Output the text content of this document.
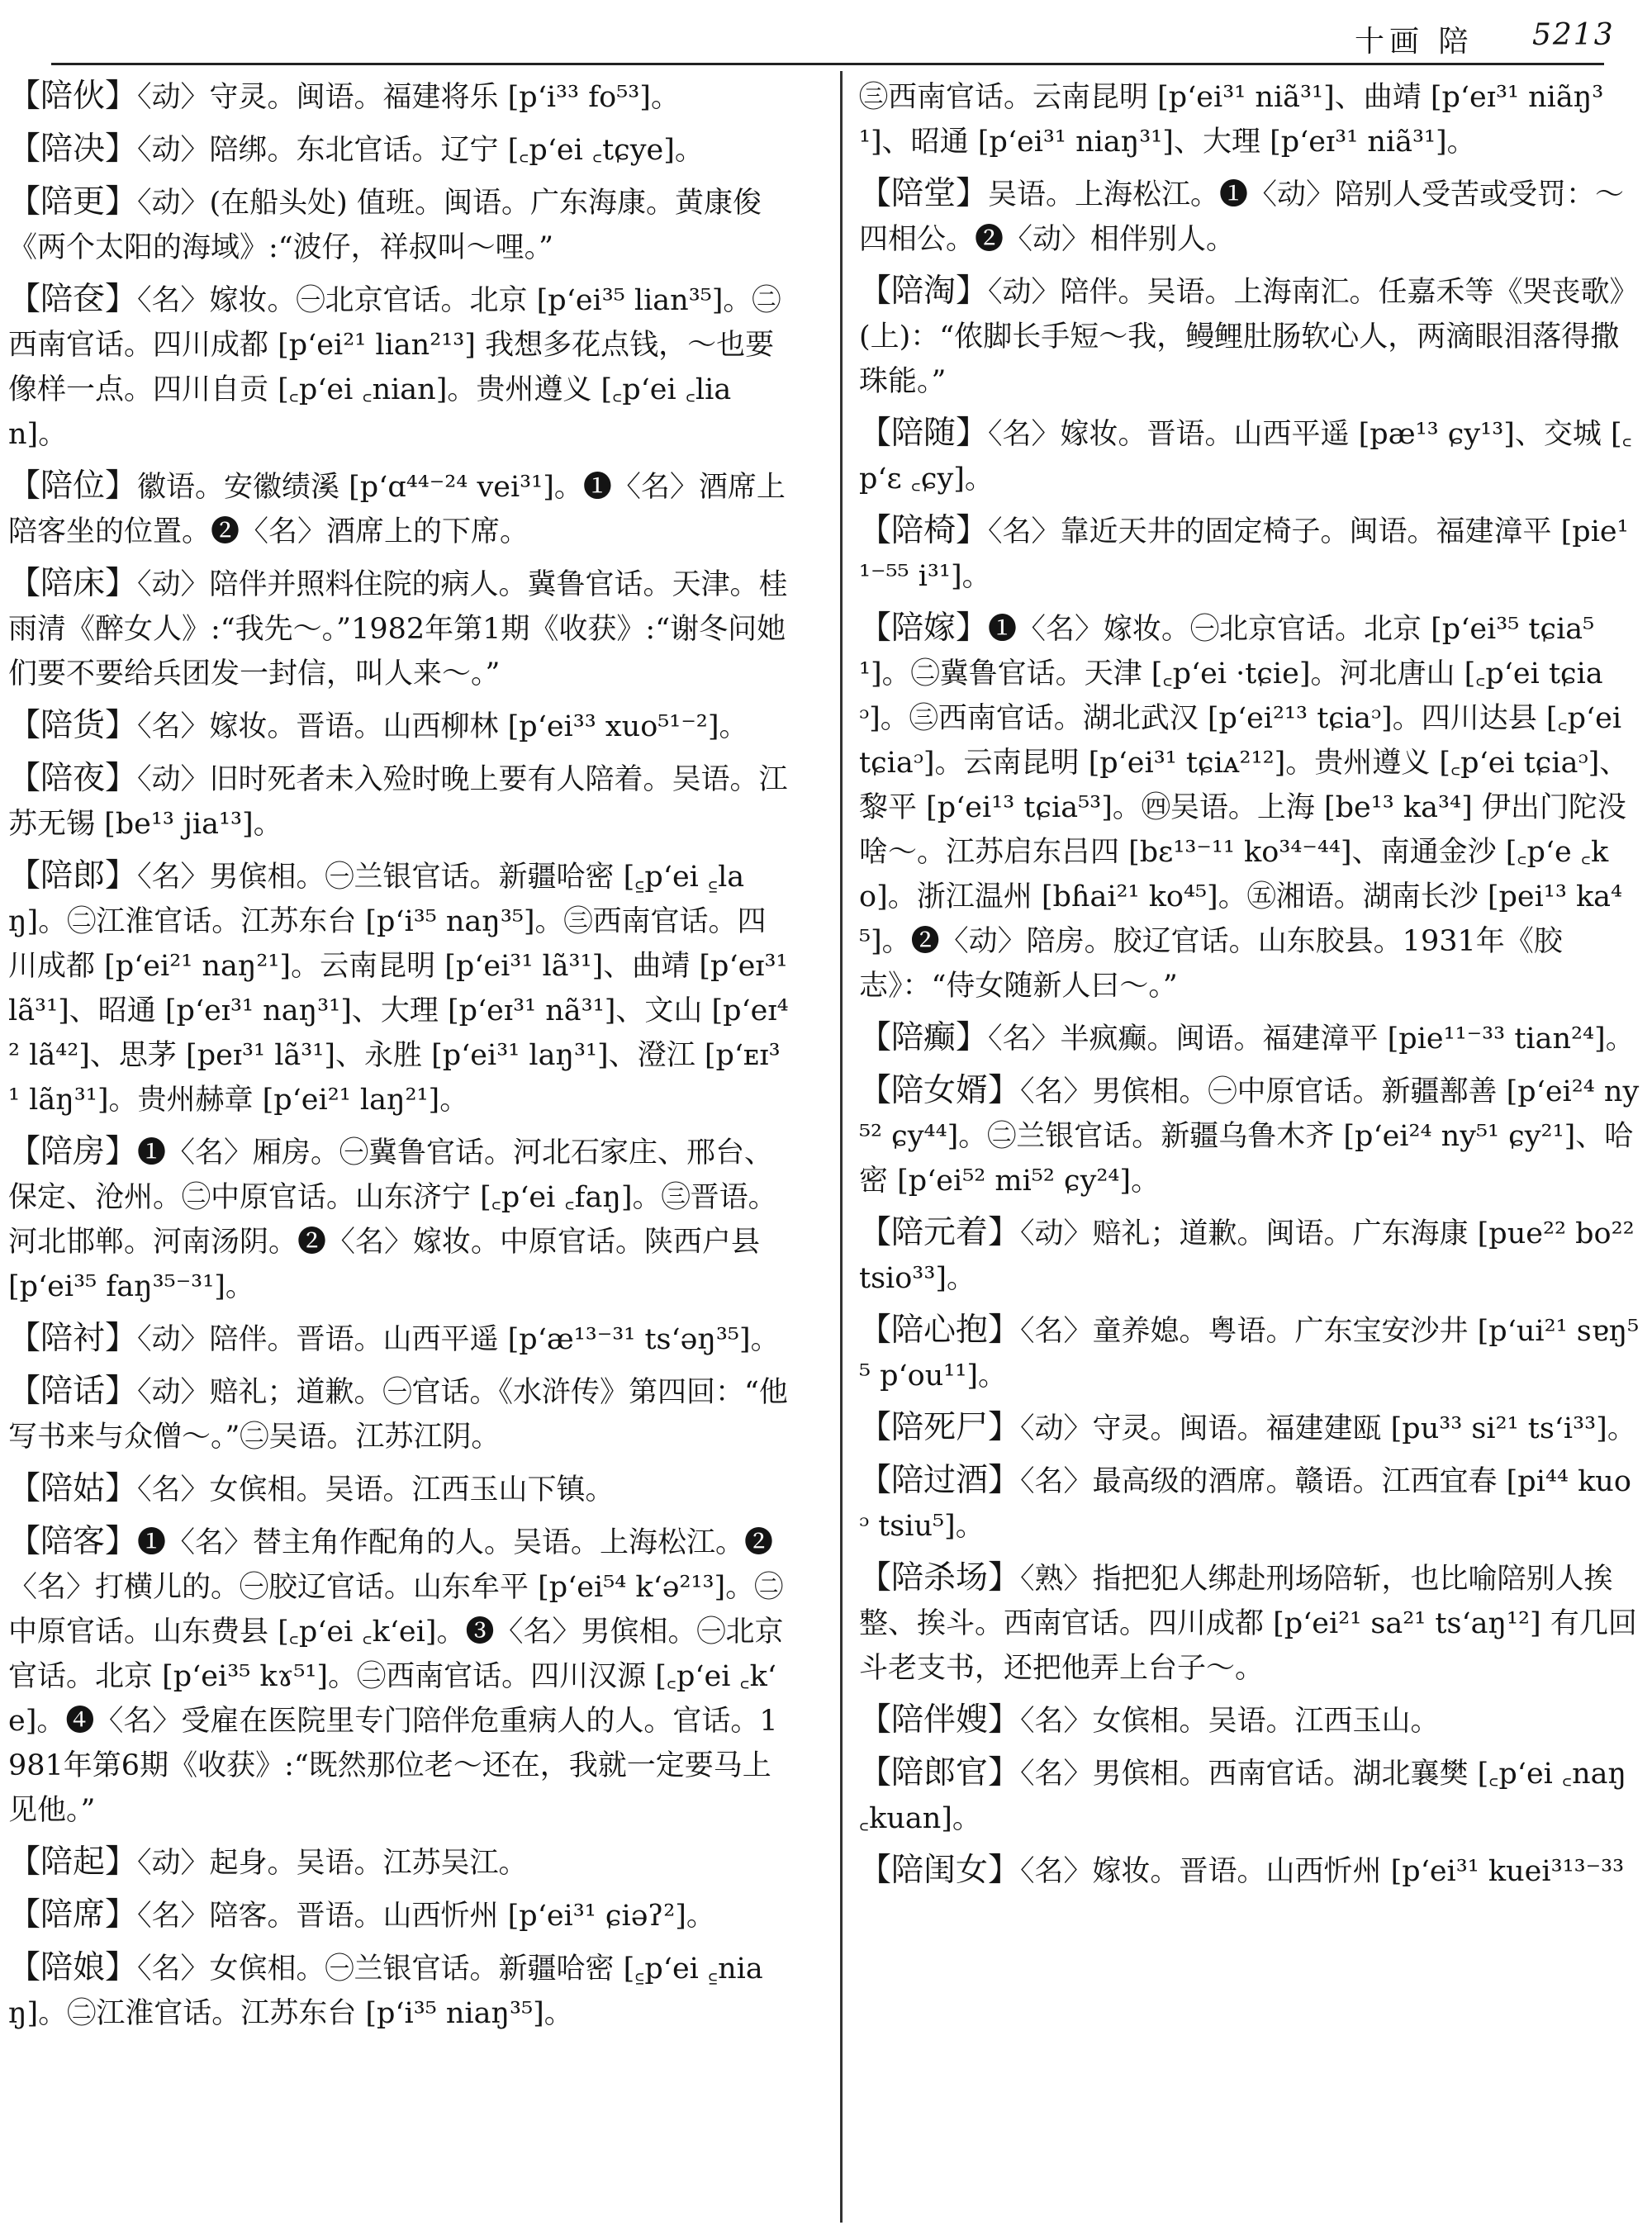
十画 陪 5213

【陪伙】〈动〉守灵。闽语。福建将乐 [pʻi³³ fo⁵³]。

【陪决】〈动〉陪绑。东北官话。辽宁 [꜀pʻei ꜀tɕye]。

【陪更】〈动〉(在船头处) 值班。闽语。广东海康。黄康俊《两个太阳的海域》:“波仔，祥叔叫～哩。”

【陪奁】〈名〉嫁妆。㊀北京官话。北京 [pʻei³⁵ lian³⁵]。㊁西南官话。四川成都 [pʻei²¹ lian²¹³] 我想多花点钱，～也要像样一点。四川自贡 [꜀pʻei ꜀nian]。贵州遵义 [꜀pʻei ꜀lian]。

【陪位】徽语。安徽绩溪 [pʻɑ⁴⁴⁻²⁴ vei³¹]。❶〈名〉酒席上陪客坐的位置。❷〈名〉酒席上的下席。

【陪床】〈动〉陪伴并照料住院的病人。冀鲁官话。天津。桂雨清《醉女人》:“我先～。”1982年第1期《收获》:“谢冬问她们要不要给兵团发一封信，叫人来～。”

【陪货】〈名〉嫁妆。晋语。山西柳林 [pʻei³³ xuo⁵¹⁻²]。

【陪夜】〈动〉旧时死者未入殓时晚上要有人陪着。吴语。江苏无锡 [be¹³ jia¹³]。

【陪郎】〈名〉男傧相。㊀兰银官话。新疆哈密 [꜁pʻei ꜁laŋ]。㊁江淮官话。江苏东台 [pʻi³⁵ naŋ³⁵]。㊂西南官话。四川成都 [pʻei²¹ naŋ²¹]。云南昆明 [pʻei³¹ lã³¹]、曲靖 [pʻeɪ³¹ lã³¹]、昭通 [pʻeɪ³¹ naŋ³¹]、大理 [pʻeɪ³¹ nã³¹]、文山 [pʻeɪ⁴² lã⁴²]、思茅 [peɪ³¹ lã³¹]、永胜 [pʻei³¹ laŋ³¹]、澄江 [pʻᴇɪ³¹ lãŋ³¹]。贵州赫章 [pʻei²¹ laŋ²¹]。

【陪房】❶〈名〉厢房。㊀冀鲁官话。河北石家庄、邢台、保定、沧州。㊁中原官话。山东济宁 [꜀pʻei ꜀faŋ]。㊂晋语。河北邯郸。河南汤阴。❷〈名〉嫁妆。中原官话。陕西户县 [pʻei³⁵ faŋ³⁵⁻³¹]。

【陪衬】〈动〉陪伴。晋语。山西平遥 [pʻæ¹³⁻³¹ tsʻəŋ³⁵]。

【陪话】〈动〉赔礼；道歉。㊀官话。《水浒传》第四回：“他写书来与众僧～。”㊁吴语。江苏江阴。

【陪姑】〈名〉女傧相。吴语。江西玉山下镇。

【陪客】❶〈名〉替主角作配角的人。吴语。上海松江。❷〈名〉打横儿的。㊀胶辽官话。山东牟平 [pʻei⁵⁴ kʻə²¹³]。㊁中原官话。山东费县 [꜀pʻei ꜀kʻei]。❸〈名〉男傧相。㊀北京官话。北京 [pʻei³⁵ kɤ⁵¹]。㊁西南官话。四川汉源 [꜀pʻei ꜀kʻe]。❹〈名〉受雇在医院里专门陪伴危重病人的人。官话。1981年第6期《收获》:“既然那位老～还在，我就一定要马上见他。”

【陪起】〈动〉起身。吴语。江苏吴江。

【陪席】〈名〉陪客。晋语。山西忻州 [pʻei³¹ ɕiəʔ²]。

【陪娘】〈名〉女傧相。㊀兰银官话。新疆哈密 [꜁pʻei ꜁niaŋ]。㊁江淮官话。江苏东台 [pʻi³⁵ niaŋ³⁵]。

㊂西南官话。云南昆明 [pʻei³¹ niã³¹]、曲靖 [pʻeɪ³¹ niãŋ³¹]、昭通 [pʻei³¹ niaŋ³¹]、大理 [pʻeɪ³¹ niã³¹]。

【陪堂】吴语。上海松江。❶〈动〉陪别人受苦或受罚：～四相公。❷〈动〉相伴别人。

【陪淘】〈动〉陪伴。吴语。上海南汇。任嘉禾等《哭丧歌》(上)：“侬脚长手短～我，鳗鲤肚肠软心人，两滴眼泪落得撒珠能。”

【陪随】〈名〉嫁妆。晋语。山西平遥 [pæ¹³ ɕy¹³]、交城 [꜀pʻɛ ꜀ɕy]。

【陪椅】〈名〉靠近天井的固定椅子。闽语。福建漳平 [pie¹¹⁻⁵⁵ i³¹]。

【陪嫁】❶〈名〉嫁妆。㊀北京官话。北京 [pʻei³⁵ tɕia⁵¹]。㊁冀鲁官话。天津 [꜀pʻei ·tɕie]。河北唐山 [꜀pʻei tɕiaᵓ]。㊂西南官话。湖北武汉 [pʻei²¹³ tɕiaᵓ]。四川达县 [꜀pʻei tɕiaᵓ]。云南昆明 [pʻei³¹ tɕiᴀ²¹²]。贵州遵义 [꜀pʻei tɕiaᵓ]、黎平 [pʻei¹³ tɕia⁵³]。㊃吴语。上海 [be¹³ ka³⁴] 伊出门陀没啥～。江苏启东吕四 [bɛ¹³⁻¹¹ ko³⁴⁻⁴⁴]、南通金沙 [꜀pʻe ꜀ko]。浙江温州 [bɦai²¹ ko⁴⁵]。㊄湘语。湖南长沙 [pei¹³ ka⁴⁵]。❷〈动〉陪房。胶辽官话。山东胶县。1931年《胶志》：“侍女随新人曰～。”

【陪癫】〈名〉半疯癫。闽语。福建漳平 [pie¹¹⁻³³ tian²⁴]。

【陪女婿】〈名〉男傧相。㊀中原官话。新疆鄯善 [pʻei²⁴ ny⁵² ɕy⁴⁴]。㊁兰银官话。新疆乌鲁木齐 [pʻei²⁴ ny⁵¹ ɕy²¹]、哈密 [pʻei⁵² mi⁵² ɕy²⁴]。

【陪元着】〈动〉赔礼；道歉。闽语。广东海康 [pue²² bo²² tsio³³]。

【陪心抱】〈名〉童养媳。粤语。广东宝安沙井 [pʻui²¹ sɐŋ⁵⁵ pʻou¹¹]。

【陪死尸】〈动〉守灵。闽语。福建建瓯 [pu³³ si²¹ tsʻi³³]。

【陪过酒】〈名〉最高级的酒席。赣语。江西宜春 [pi⁴⁴ kuoᵓ tsiu⁵]。

【陪杀场】〈熟〉指把犯人绑赴刑场陪斩，也比喻陪别人挨整、挨斗。西南官话。四川成都 [pʻei²¹ sa²¹ tsʻaŋ¹²] 有几回斗老支书，还把他弄上台子～。

【陪伴嫂】〈名〉女傧相。吴语。江西玉山。

【陪郎官】〈名〉男傧相。西南官话。湖北襄樊 [꜀pʻei ꜀naŋ ꜀kuan]。

【陪闺女】〈名〉嫁妆。晋语。山西忻州 [pʻei³¹ kuei³¹³⁻³³
